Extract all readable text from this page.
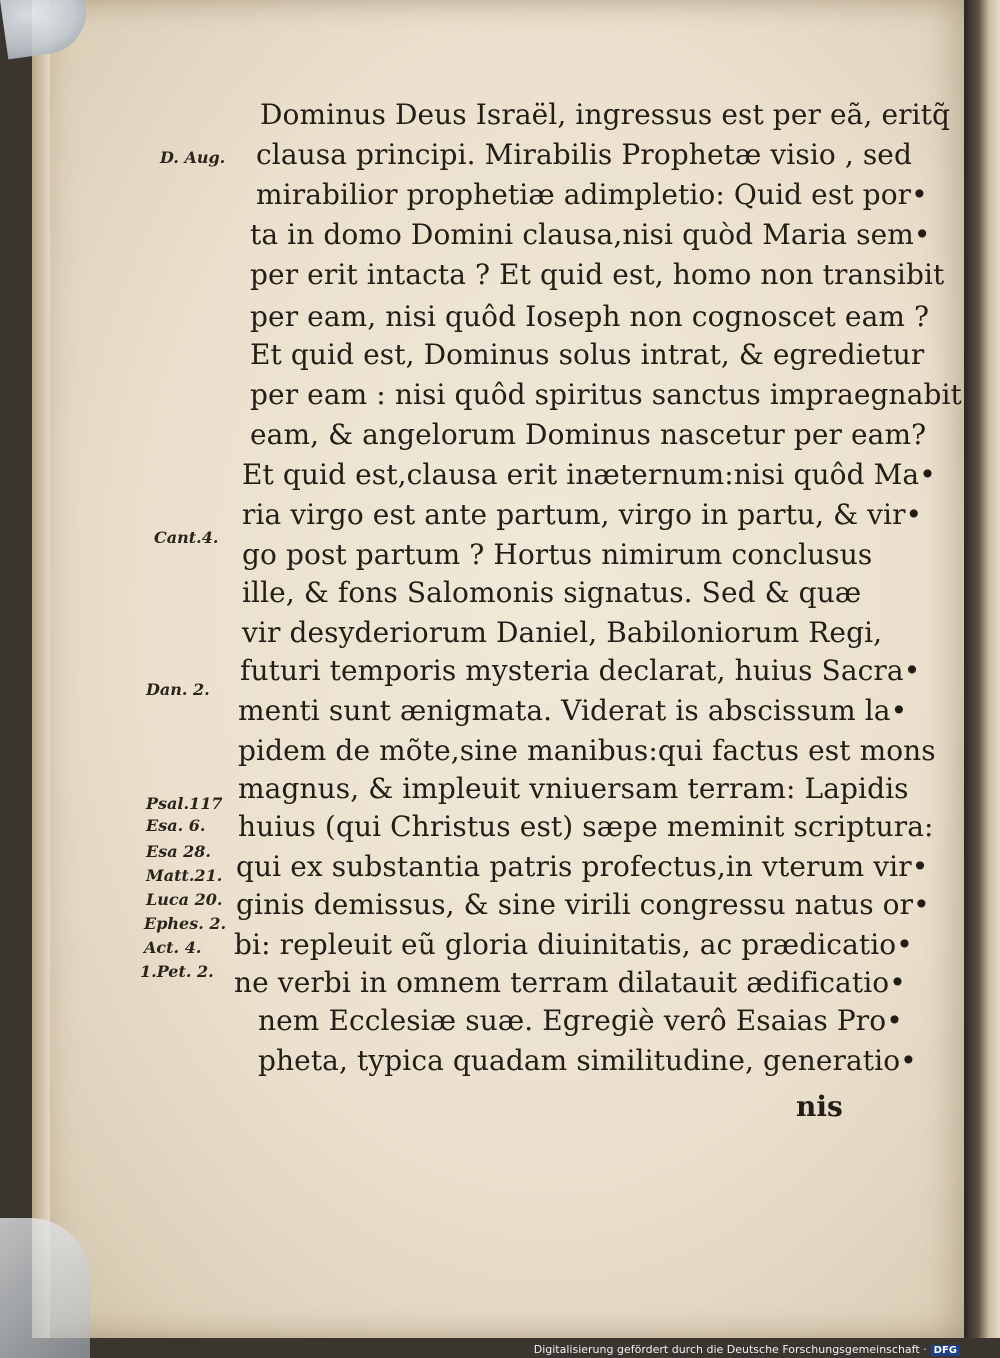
Dominus Deus Israël, ingressus est per eã, eritq̃
clausa principi. Mirabilis Prophetæ visio , sed
mirabilior prophetiæ adimpletio: Quid est por•
ta in domo Domini clausa,nisi quòd Maria sem•
per erit intacta ? Et quid est, homo non transibit
per eam, nisi quôd Ioseph non cognoscet eam ?
Et quid est, Dominus solus intrat, & egredietur
per eam : nisi quôd spiritus sanctus impraegnabit
eam, & angelorum Dominus nascetur per eam?
Et quid est,clausa erit inæternum:nisi quôd Ma•
ria virgo est ante partum, virgo in partu, & vir•
go post partum ? Hortus nimirum conclusus
ille, & fons Salomonis signatus. Sed & quæ
vir desyderiorum Daniel, Babiloniorum Regi,
futuri temporis mysteria declarat, huius Sacra•
menti sunt ænigmata. Viderat is abscissum la•
pidem de mõte,sine manibus:qui factus est mons
magnus, & impleuit vniuersam terram: Lapidis
huius (qui Christus est) sæpe meminit scriptura:
qui ex substantia patris profectus,in vterum vir•
ginis demissus, & sine virili congressu natus or•
bi: repleuit eũ gloria diuinitatis, ac prædicatio•
ne verbi in omnem terram dilatauit ædificatio•
nem Ecclesiæ suæ. Egregiè verô Esaias Pro•
pheta, typica quadam similitudine, generatio•
nis
D. Aug.
Cant.4.
Dan. 2.
Psal.117
Esa. 6.
Esa 28.
Matt.21.
Luca 20.
Ephes. 2.
Act. 4.
1.Pet. 2.
Digitalisierung gefördert durch die Deutsche Forschungsgemeinschaft · DFG
